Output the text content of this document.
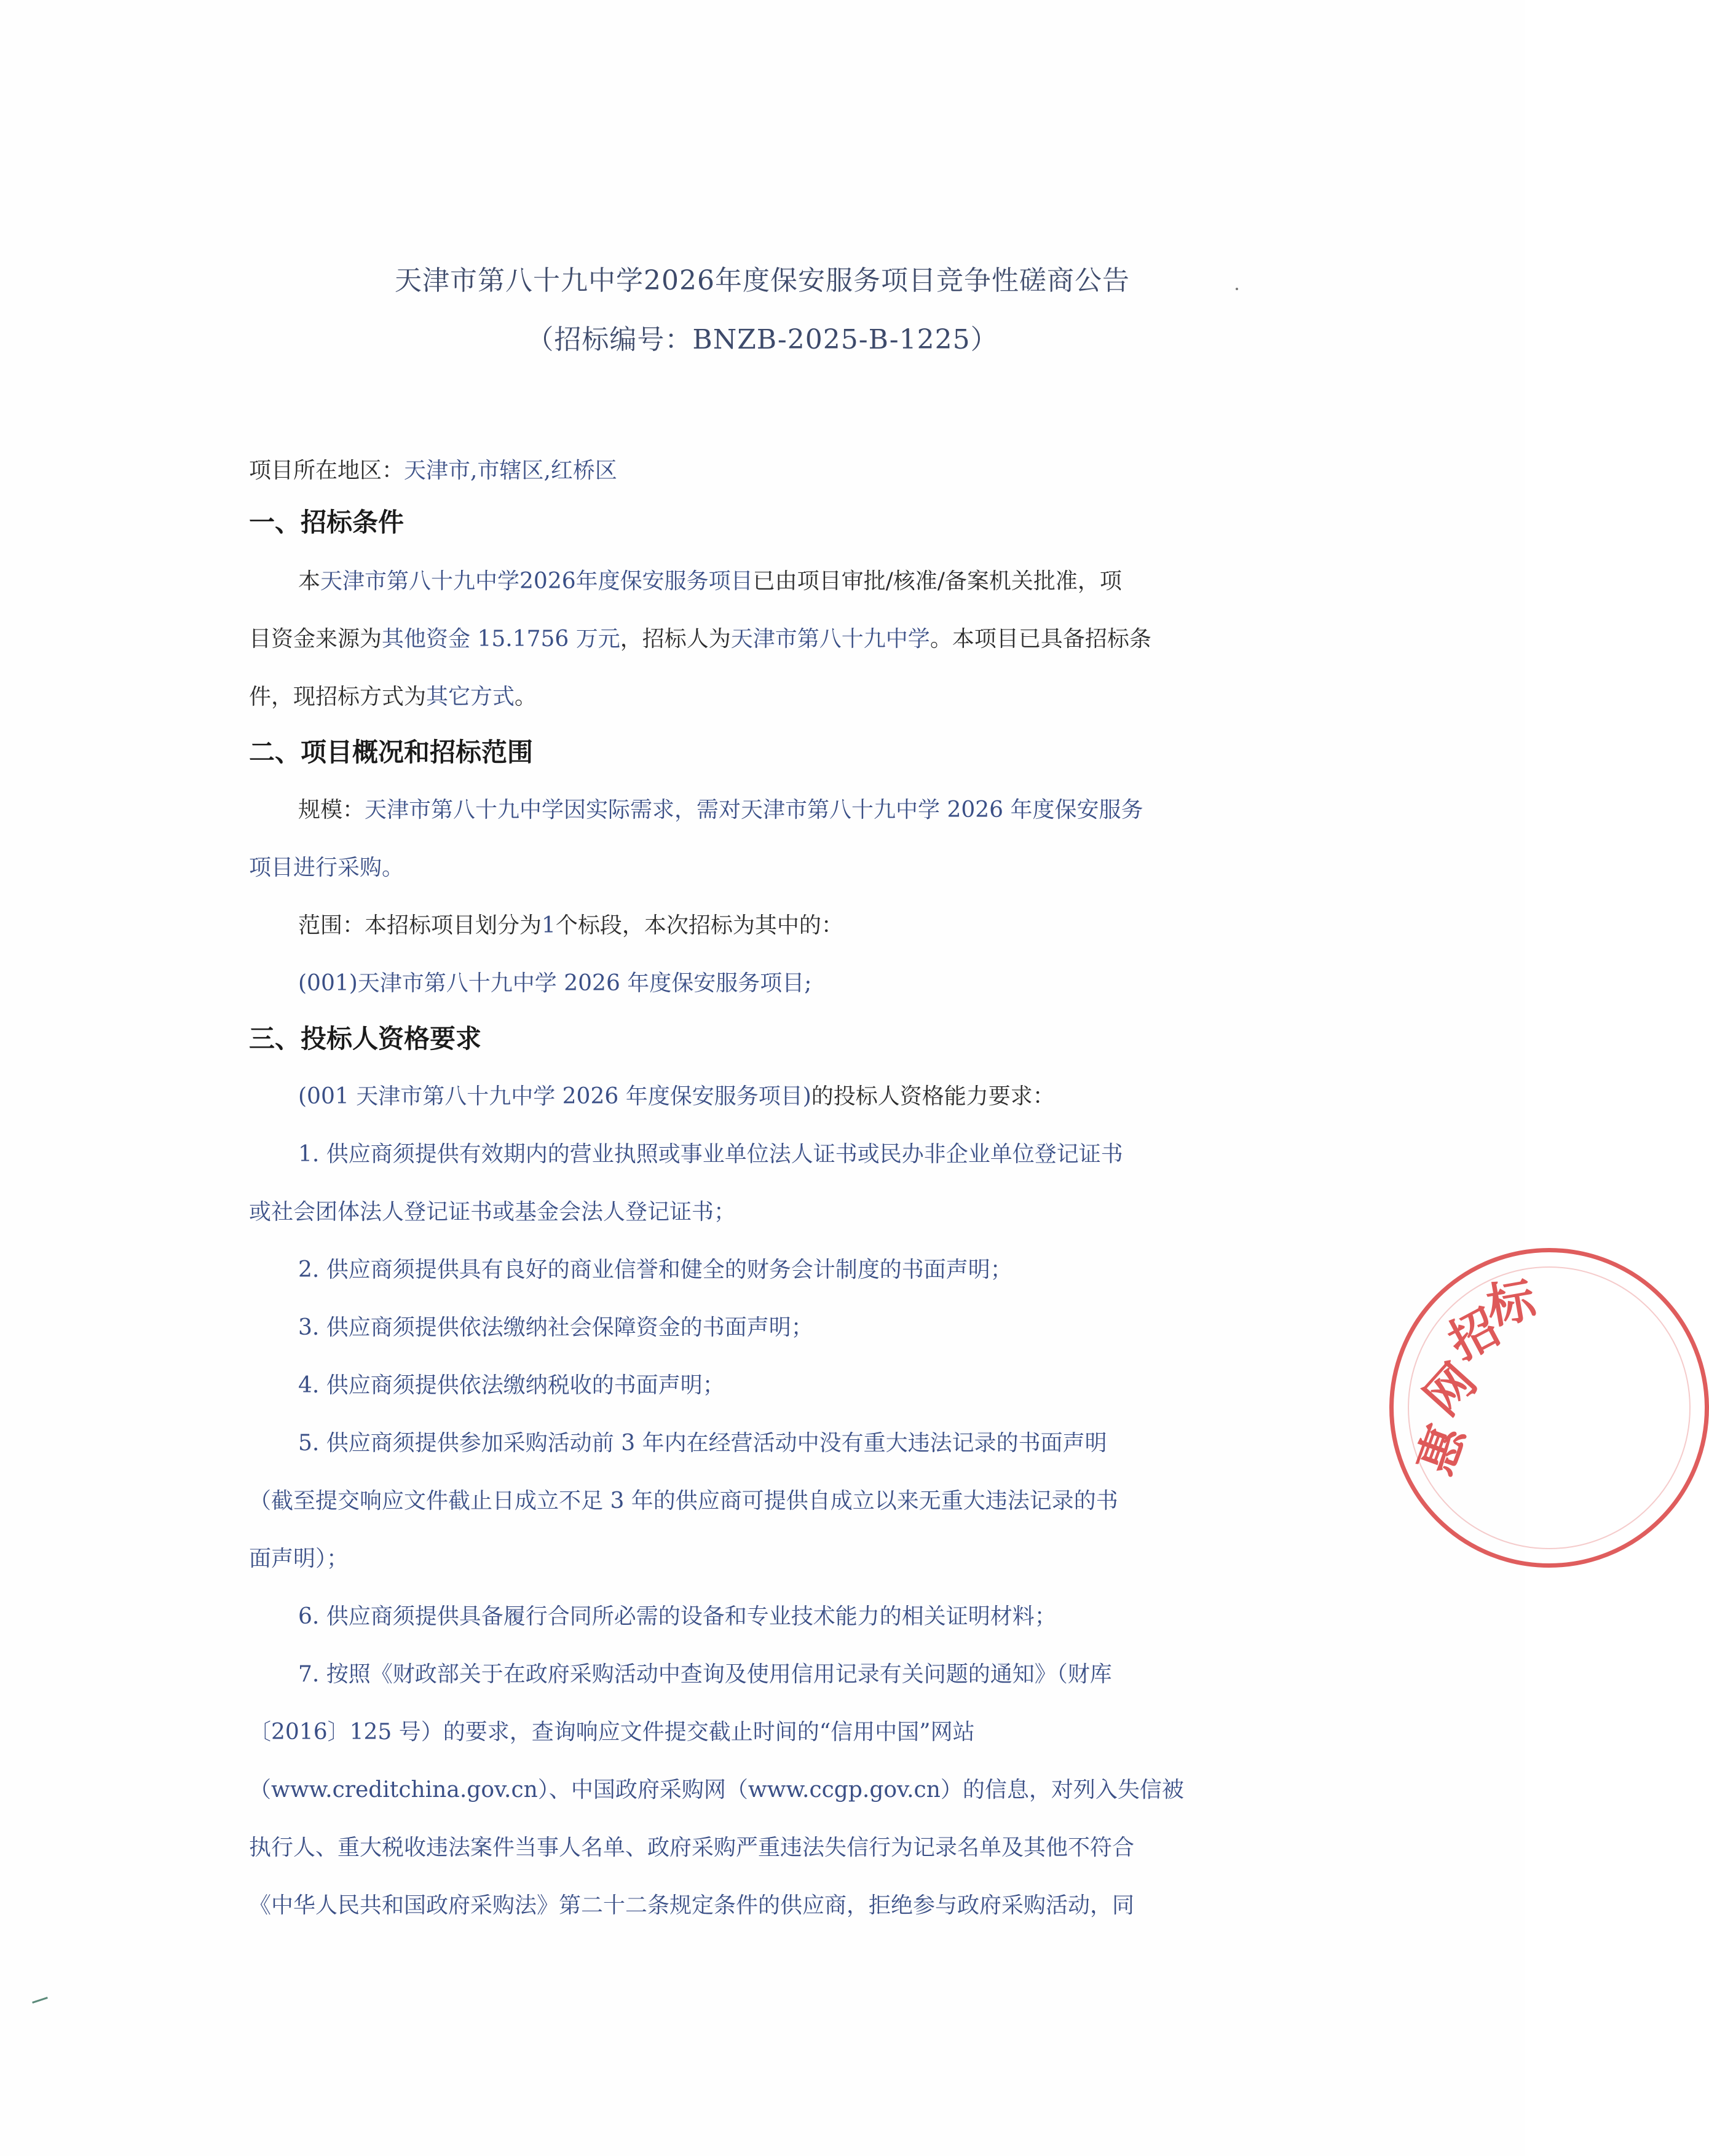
天津市第八十九中学2026年度保安服务项目竞争性磋商公告
（招标编号：BNZB-2025-B-1225）
项目所在地区：天津市,市辖区,红桥区
一、招标条件
本天津市第八十九中学2026年度保安服务项目已由项目审批/核准/备案机关批准，项
目资金来源为其他资金 15.1756 万元，招标人为天津市第八十九中学。本项目已具备招标条
件，现招标方式为其它方式。
二、项目概况和招标范围
规模：天津市第八十九中学因实际需求，需对天津市第八十九中学 2026 年度保安服务
项目进行采购。
范围：本招标项目划分为1个标段，本次招标为其中的：
(001)天津市第八十九中学 2026 年度保安服务项目;
三、投标人资格要求
(001 天津市第八十九中学 2026 年度保安服务项目)的投标人资格能力要求：
1. 供应商须提供有效期内的营业执照或事业单位法人证书或民办非企业单位登记证书
或社会团体法人登记证书或基金会法人登记证书；
2. 供应商须提供具有良好的商业信誉和健全的财务会计制度的书面声明；
3. 供应商须提供依法缴纳社会保障资金的书面声明；
4. 供应商须提供依法缴纳税收的书面声明；
5. 供应商须提供参加采购活动前 3 年内在经营活动中没有重大违法记录的书面声明
（截至提交响应文件截止日成立不足 3 年的供应商可提供自成立以来无重大违法记录的书
面声明）；
6. 供应商须提供具备履行合同所必需的设备和专业技术能力的相关证明材料；
7. 按照《财政部关于在政府采购活动中查询及使用信用记录有关问题的通知》（财库
〔2016〕125 号）的要求，查询响应文件提交截止时间的“信用中国”网站
（www.creditchina.gov.cn）、中国政府采购网（www.ccgp.gov.cn）的信息，对列入失信被
执行人、重大税收违法案件当事人名单、政府采购严重违法失信行为记录名单及其他不符合
《中华人民共和国政府采购法》第二十二条规定条件的供应商，拒绝参与政府采购活动，同
惠
网
招
标
